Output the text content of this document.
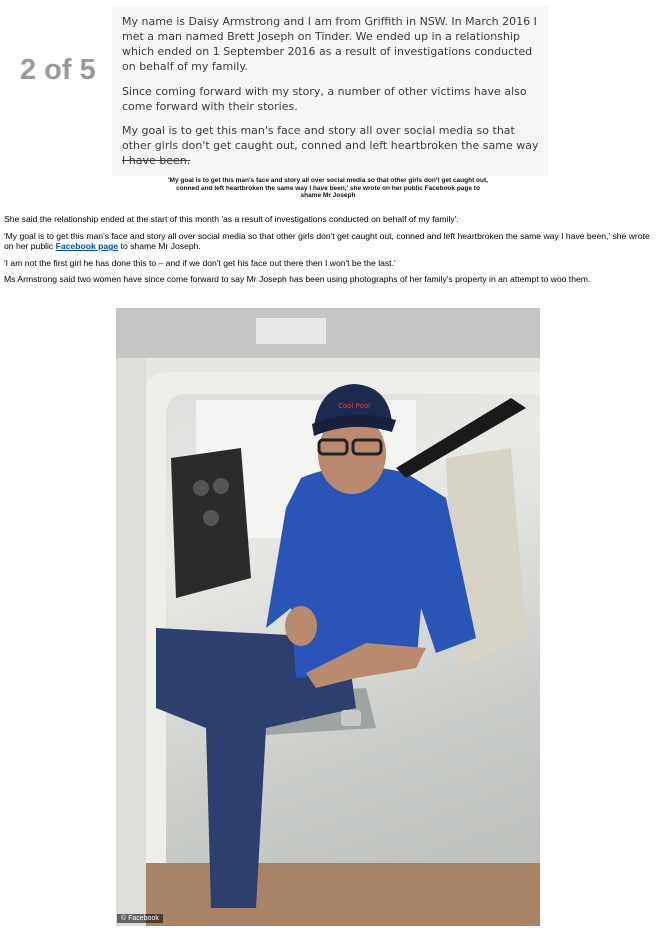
2 of 5

My name is Daisy Armstrong and I am from Griffith in NSW. In March 2016 I met a man named Brett Joseph on Tinder. We ended up in a relationship which ended on 1 September 2016 as a result of investigations conducted on behalf of my family.

Since coming forward with my story, a number of other victims have also come forward with their stories.

My goal is to get this man's face and story all over social media so that other girls don't get caught out, conned and left heartbroken the same way I have been.

'My goal is to get this man's face and story all over social media so that other girls don't get caught out, conned and left heartbroken the same way I have been,' she wrote on her public Facebook page to shame Mr Joseph

She said the relationship ended at the start of this month 'as a result of investigations conducted on behalf of my family'.

'My goal is to get this man's face and story all over social media so that other girls don't get caught out, conned and left heartbroken the same way I have been,' she wrote on her public Facebook page to shame Mr Joseph.

'I am not the first girl he has done this to – and if we don't get his face out there then I won't be the last.'

Ms Armstrong said two women have since come forward to say Mr Joseph has been using photographs of her family's property in an attempt to woo them.

Cool Pool
© Facebook
